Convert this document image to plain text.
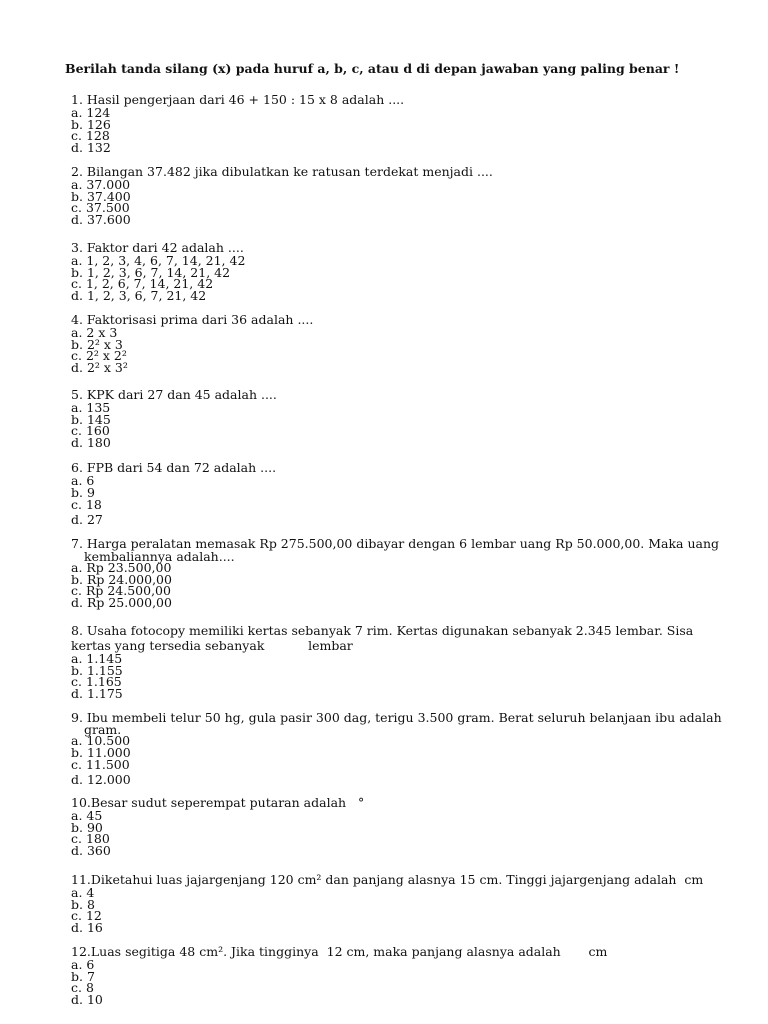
Berilah tanda silang (x) pada huruf a, b, c, atau d di depan jawaban yang paling benar !
1. Hasil pengerjaan dari 46 + 150 : 15 x 8 adalah ....
a. 124
b. 126
c. 128
d. 132
2. Bilangan 37.482 jika dibulatkan ke ratusan terdekat menjadi ....
a. 37.000
b. 37.400
c. 37.500
d. 37.600
3. Faktor dari 42 adalah ....
a. 1, 2, 3, 4, 6, 7, 14, 21, 42
b. 1, 2, 3, 6, 7, 14, 21, 42
c. 1, 2, 6, 7, 14, 21, 42
d. 1, 2, 3, 6, 7, 21, 42
4. Faktorisasi prima dari 36 adalah ....
a. 2 x 3
b. 2² x 3
c. 2² x 2²
d. 2² x 3²
5. KPK dari 27 dan 45 adalah ....
a. 135
b. 145
c. 160
d. 180
6. FPB dari 54 dan 72 adalah ....
a. 6
b. 9
c. 18
d. 27
7. Harga peralatan memasak Rp 275.500,00 dibayar dengan 6 lembar uang Rp 50.000,00. Maka uang
kembaliannya adalah....
a. Rp 23.500,00
b. Rp 24.000,00
c. Rp 24.500,00
d. Rp 25.000,00
8. Usaha fotocopy memiliki kertas sebanyak 7 rim. Kertas digunakan sebanyak 2.345 lembar. Sisa
kertas yang tersedia sebanyak           lembar
a. 1.145
b. 1.155
c. 1.165
d. 1.175
9. Ibu membeli telur 50 hg, gula pasir 300 dag, terigu 3.500 gram. Berat seluruh belanjaan ibu adalah
gram.
a. 10.500
b. 11.000
c. 11.500
d. 12.000
10.Besar sudut seperempat putaran adalah   °
a. 45
b. 90
c. 180
d. 360
11.Diketahui luas jajargenjang 120 cm² dan panjang alasnya 15 cm. Tinggi jajargenjang adalah  cm
a. 4
b. 8
c. 12
d. 16
12.Luas segitiga 48 cm². Jika tingginya  12 cm, maka panjang alasnya adalah       cm
a. 6
b. 7
c. 8
d. 10
